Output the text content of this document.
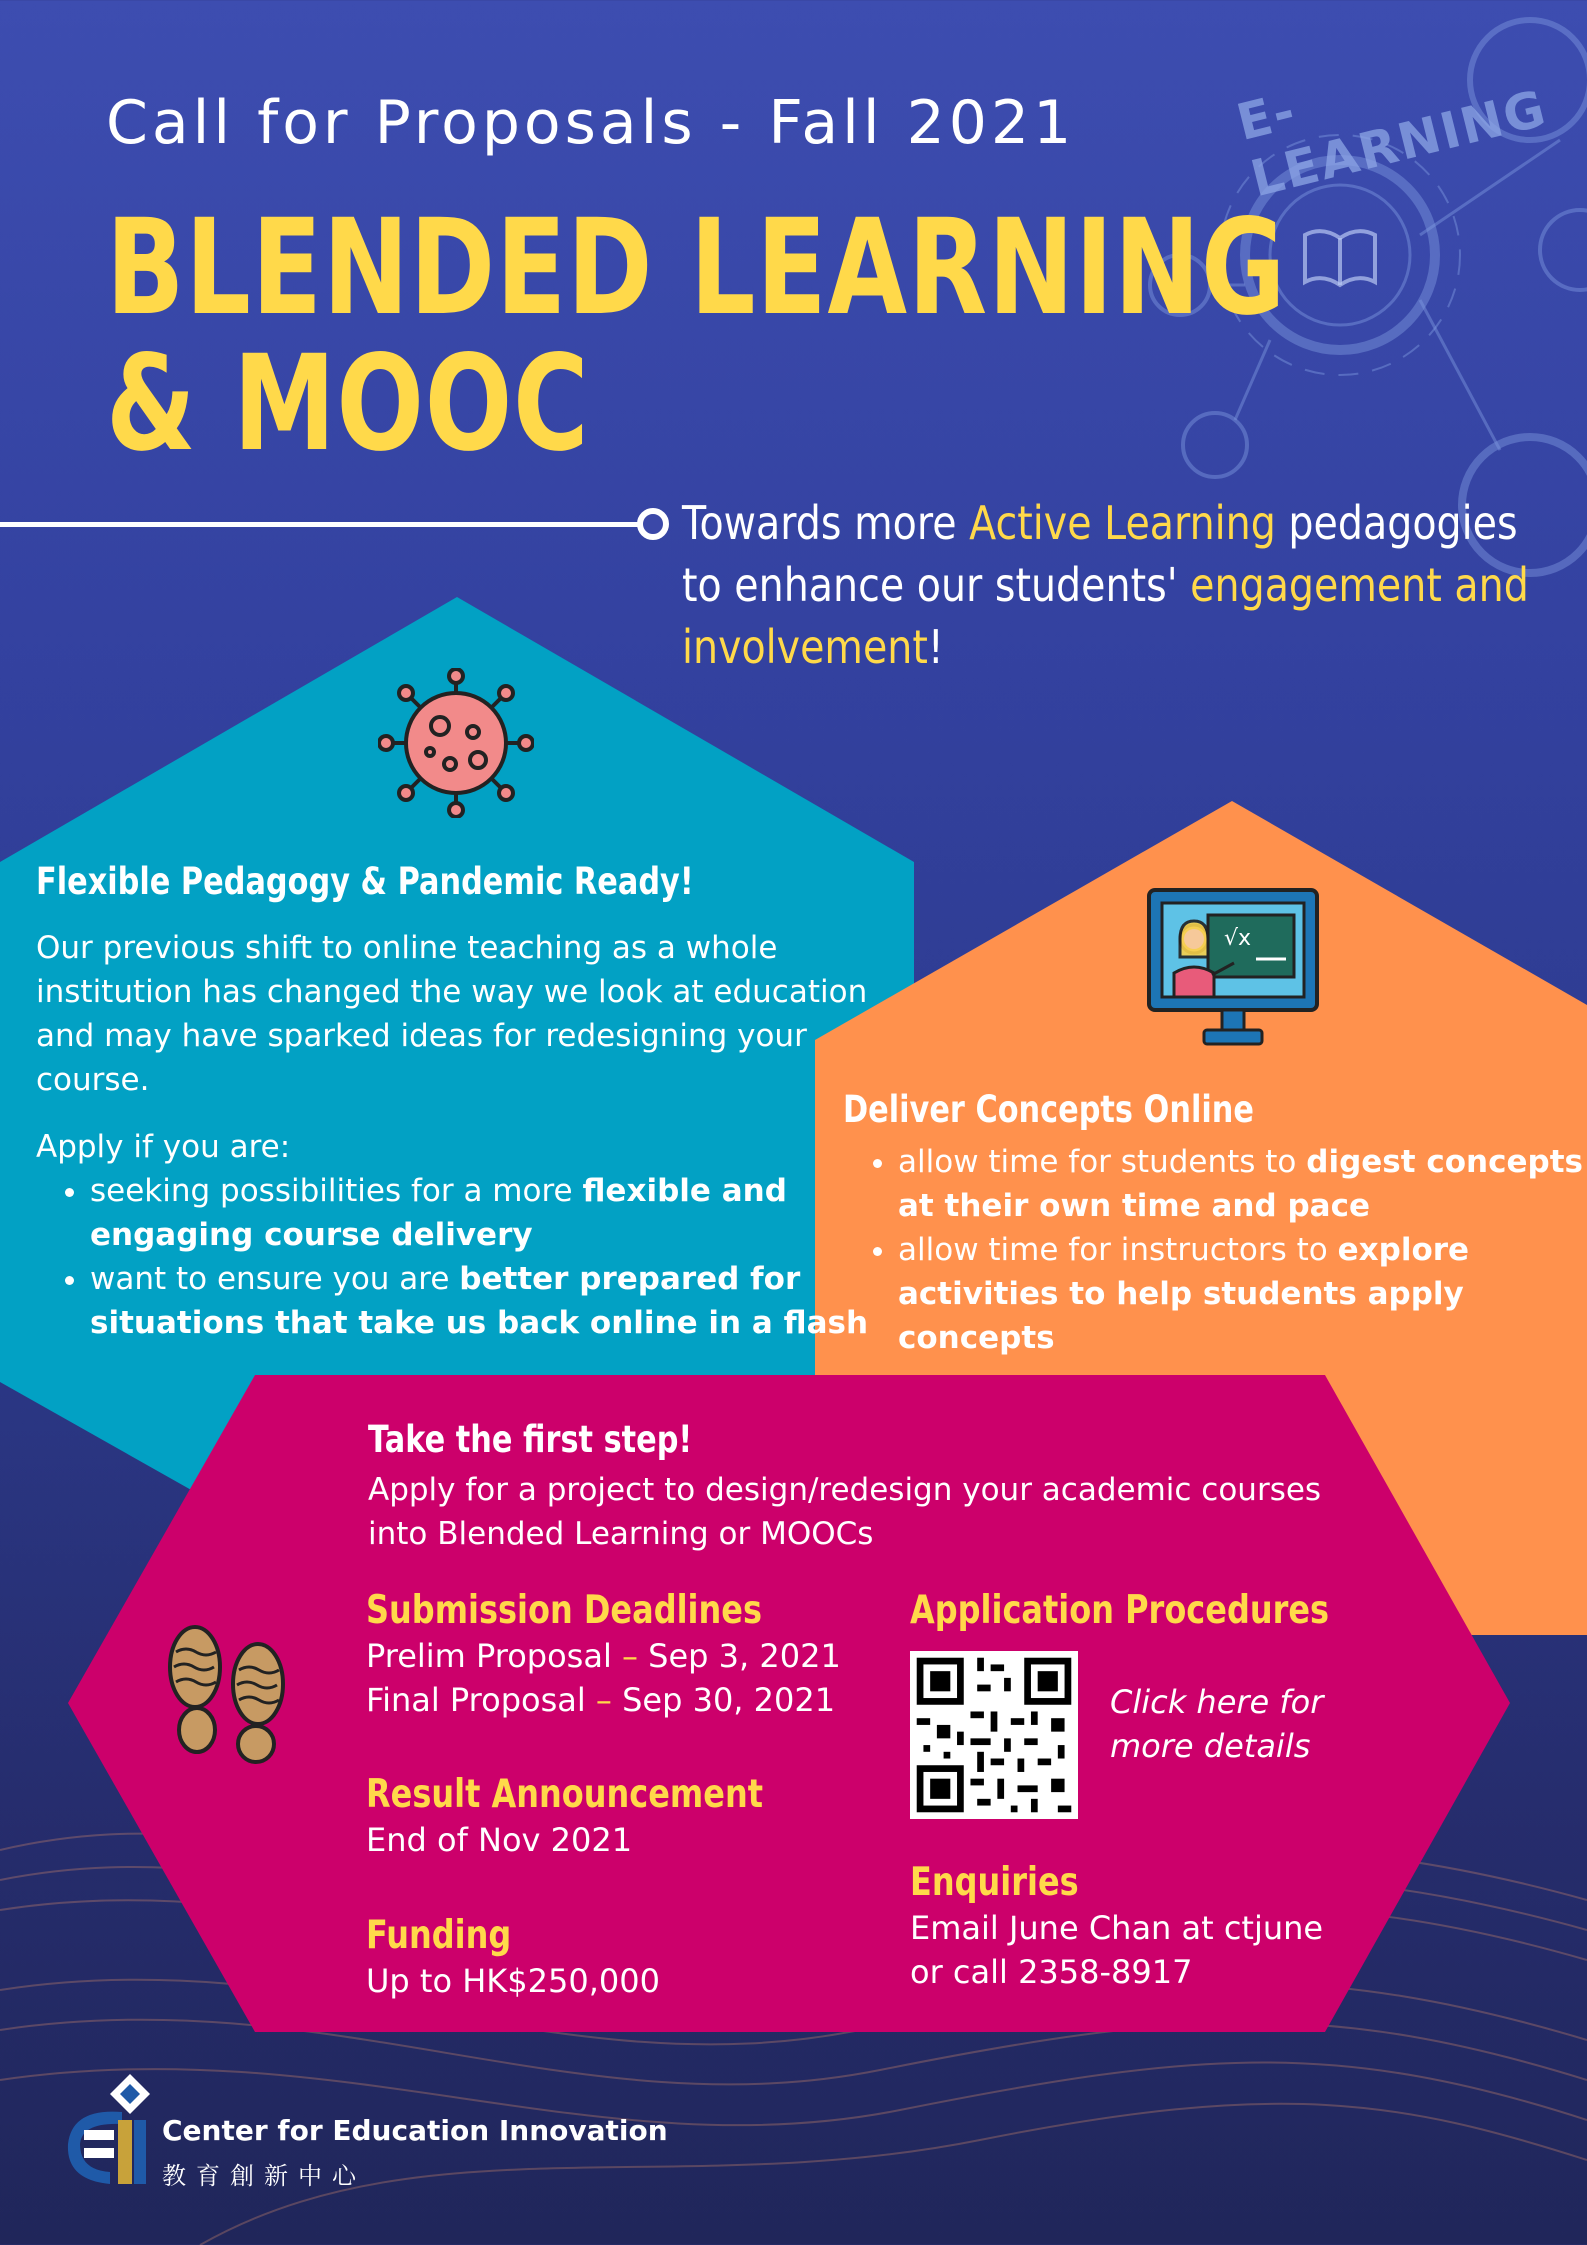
E-LEARNING
Call for Proposals - Fall 2021
BLENDED LEARNING
& MOOC
Towards more Active Learning pedagogies to enhance our students' engagement and involvement!
Flexible Pedagogy & Pandemic Ready!
Our previous shift to online teaching as a whole institution has changed the way we look at education and may have sparked ideas for redesigning your course.
Apply if you are:
• seeking possibilities for a more flexible and engaging course delivery
• want to ensure you are better prepared for situations that take us back online in a flash
√x
Deliver Concepts Online
• allow time for students to digest concepts at their own time and pace
• allow time for instructors to explore activities to help students apply concepts
Take the first step!
Apply for a project to design/redesign your academic courses into Blended Learning or MOOCs
Submission Deadlines
Prelim Proposal – Sep 3, 2021
Final Proposal – Sep 30, 2021
Result Announcement
End of Nov 2021
Funding
Up to HK$250,000
Application Procedures
Click here for
more details
Enquiries
Email June Chan at ctjune
or call 2358-8917
Center for Education Innovation
教育創新中心
